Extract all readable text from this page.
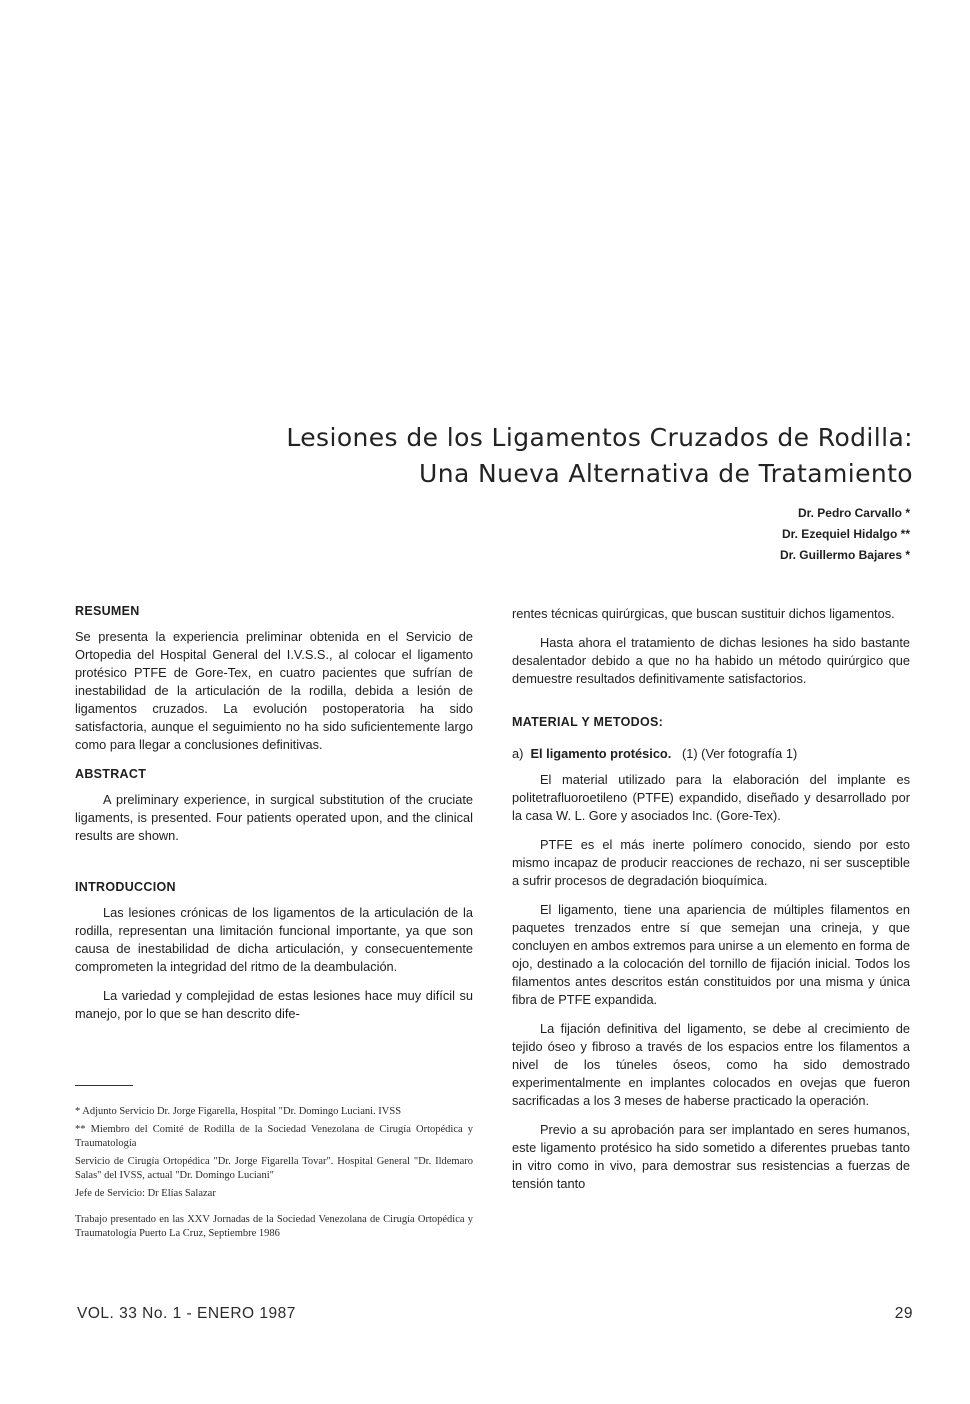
Lesiones de los Ligamentos Cruzados de Rodilla:
Una Nueva Alternativa de Tratamiento
Dr. Pedro Carvallo *
Dr. Ezequiel Hidalgo **
Dr. Guillermo Bajares *
RESUMEN

Se presenta la experiencia preliminar obtenida en el Servicio de Ortopedia del Hospital General del I.V.S.S., al colocar el ligamento protésico PTFE de Gore-Tex, en cuatro pacientes que sufrían de inestabilidad de la articulación de la rodilla, debida a lesión de ligamentos cruzados. La evolución postoperatoria ha sido satisfactoria, aunque el seguimiento no ha sido suficientemente largo como para llegar a conclusiones definitivas.

ABSTRACT

A preliminary experience, in surgical substitution of the cruciate ligaments, is presented. Four patients operated upon, and the clinical results are shown.

INTRODUCCION

Las lesiones crónicas de los ligamentos de la articulación de la rodilla, representan una limitación funcional importante, ya que son causa de inestabilidad de dicha articulación, y consecuentemente comprometen la integridad del ritmo de la deambulación.

La variedad y complejidad de estas lesiones hace muy difícil su manejo, por lo que se han descrito dife-

* Adjunto Servicio Dr. Jorge Figarella, Hospital "Dr. Domingo Luciani. IVSS

** Miembro del Comité de Rodilla de la Sociedad Venezolana de Cirugía Ortopédica y Traumatología

Servicio de Cirugía Ortopédica "Dr. Jorge Figarella Tovar". Hospital General "Dr. Ildemaro Salas" del IVSS, actual "Dr. Domingo Luciani"

Jefe de Servicio: Dr Elías Salazar

Trabajo presentado en las XXV Jornadas de la Sociedad Venezolana de Cirugía Ortopédica y Traumatología Puerto La Cruz, Septiembre 1986

rentes técnicas quirúrgicas, que buscan sustituir dichos ligamentos.

Hasta ahora el tratamiento de dichas lesiones ha sido bastante desalentador debido a que no ha habido un método quirúrgico que demuestre resultados definitivamente satisfactorios.

MATERIAL Y METODOS:
a) El ligamento protésico. (1) (Ver fotografía 1)

El material utilizado para la elaboración del implante es politetrafluoroetileno (PTFE) expandido, diseñado y desarrollado por la casa W. L. Gore y asociados Inc. (Gore-Tex).

PTFE es el más inerte polímero conocido, siendo por esto mismo incapaz de producir reacciones de rechazo, ni ser susceptible a sufrir procesos de degradación bioquímica.

El ligamento, tiene una apariencia de múltiples filamentos en paquetes trenzados entre sí que semejan una crineja, y que concluyen en ambos extremos para unirse a un elemento en forma de ojo, destinado a la colocación del tornillo de fijación inicial. Todos los filamentos antes descritos están constituidos por una misma y única fibra de PTFE expandida.

La fijación definitiva del ligamento, se debe al crecimiento de tejido óseo y fibroso a través de los espacios entre los filamentos a nivel de los túneles óseos, como ha sido demostrado experimentalmente en implantes colocados en ovejas que fueron sacrificadas a los 3 meses de haberse practicado la operación.

Previo a su aprobación para ser implantado en seres humanos, este ligamento protésico ha sido sometido a diferentes pruebas tanto in vitro como in vivo, para demostrar sus resistencias a fuerzas de tensión tanto

VOL. 33 No. 1 - ENERO 1987	29
